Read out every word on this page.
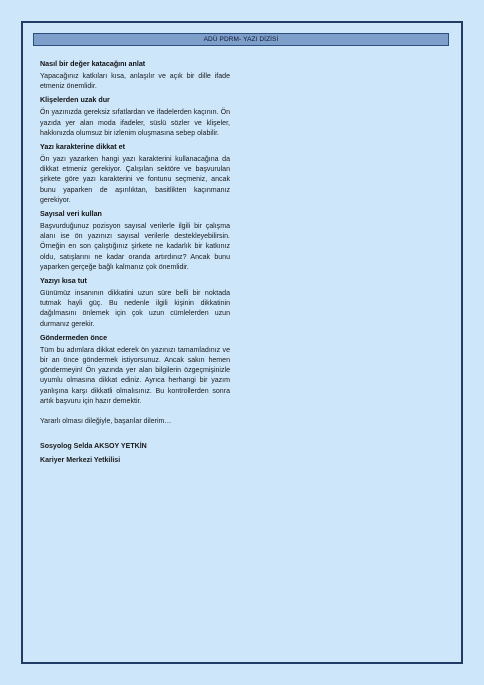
ADÜ PDRM- YAZI DİZİSİ
Nasıl bir değer katacağını anlat

Yapacağınız katkıları kısa, anlaşılır ve açık bir dille ifade etmeniz önemlidir.

Klişelerden uzak dur

Ön yazınızda gereksiz sıfatlardan ve ifadelerden kaçının. Ön yazıda yer alan moda ifadeler, süslü sözler ve klişeler, hakkınızda olumsuz bir izlenim oluşmasına sebep olabilir.

Yazı karakterine dikkat et

Ön yazı yazarken hangi yazı karakterini kullanacağına da dikkat etmeniz gerekiyor. Çalışılan sektöre ve başvurulan şirkete göre yazı karakterini ve fontunu seçmeniz, ancak bunu yaparken de aşırılıktan, basitlikten kaçınmanız gerekiyor.

Sayısal veri kullan

Başvurduğunuz pozisyon sayısal verilerle ilgili bir çalışma alanı ise ön yazınızı sayısal verilerle destekleyebilirsin. Örneğin en son çalıştığınız şirkete ne kadarlık bir katkınız oldu, satışlarını ne kadar oranda artırdınız? Ancak bunu yaparken gerçeğe bağlı kalmanız çok önemlidir.

Yazıyı kısa tut

Günümüz insanının dikkatini uzun süre belli bir noktada tutmak hayli güç. Bu nedenle ilgili kişinin dikkatinin dağılmasını önlemek için çok uzun cümlelerden uzun durmanız gerekir.

Göndermeden önce

Tüm bu adımlara dikkat ederek ön yazınızı tamamladınız ve bir an önce göndermek istiyorsunuz. Ancak sakın hemen göndermeyin! Ön yazında yer alan bilgilerin özgeçmişinizle uyumlu olmasına dikkat ediniz. Ayrıca herhangi bir yazım yanlışına karşı dikkatli olmalısınız. Bu kontrollerden sonra artık başvuru için hazır demektir.

Yararlı olması dileğiyle, başarılar dilerim…

Sosyolog Selda AKSOY YETKİN

Kariyer Merkezi Yetkilisi
